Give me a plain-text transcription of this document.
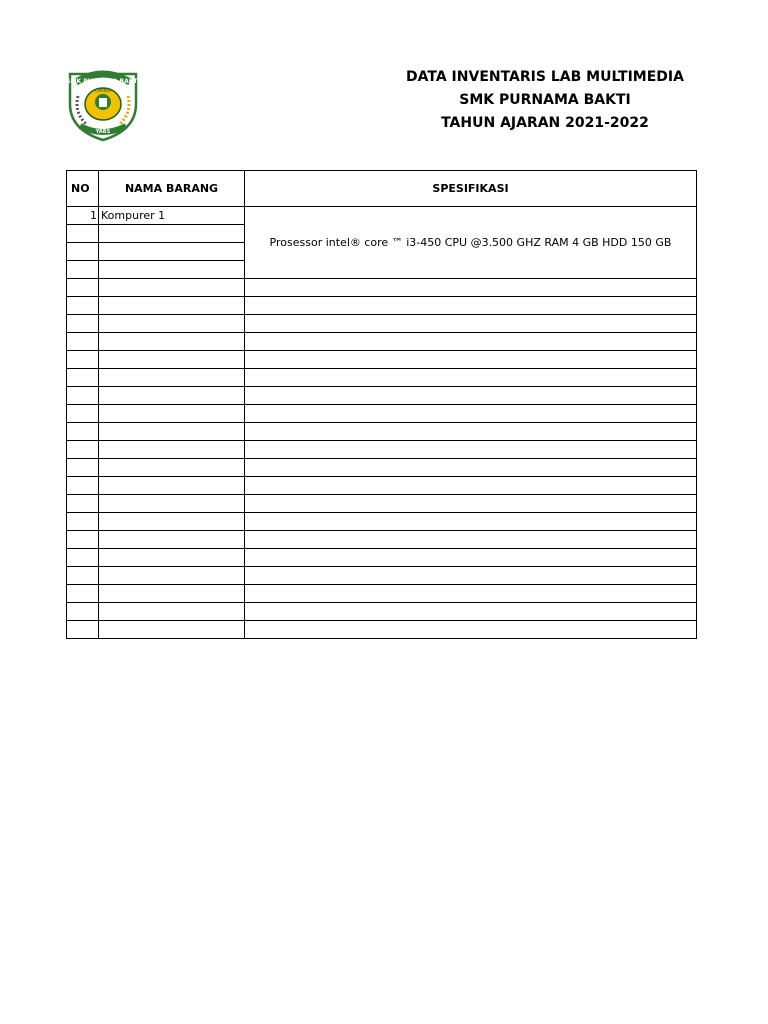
SMK PURNAMA BAKTI
CIMINDI
YABS
DATA INVENTARIS LAB MULTIMEDIA
SMK PURNAMA BAKTI
TAHUN AJARAN 2021-2022
NO	NAMA BARANG	SPESIFIKASI
1	Kompurer 1	Prosessor intel® core ™ i3-450 CPU @3.500 GHZ RAM 4 GB HDD 150 GB
